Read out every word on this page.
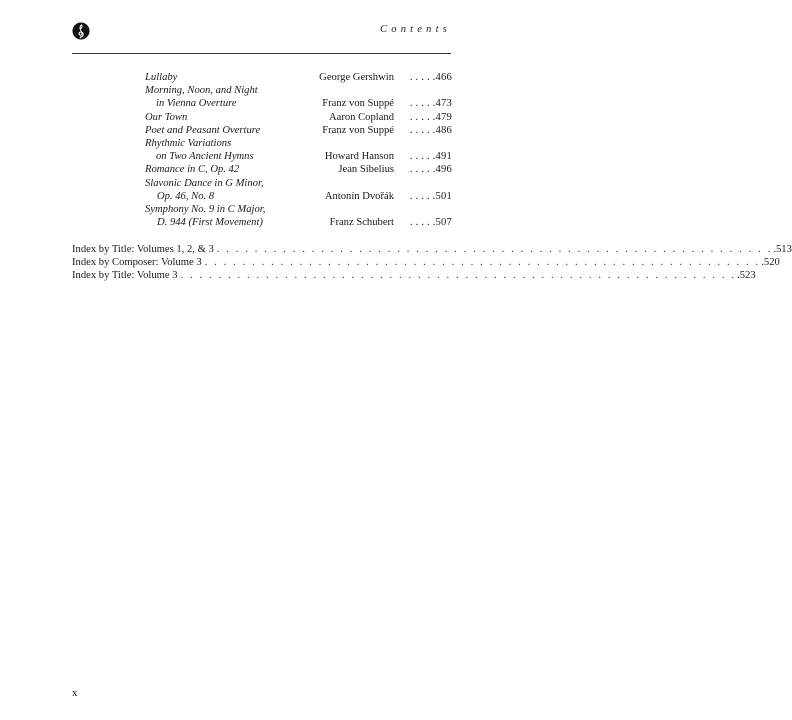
Contents
Lullaby	George Gershwin . . . . .466
Morning, Noon, and Night
in Vienna Overture	Franz von Suppé . . . . .473
Our Town	Aaron Copland . . . . .479
Poet and Peasant Overture	Franz von Suppé . . . . .486
Rhythmic Variations
on Two Ancient Hymns	Howard Hanson . . . . .491
Romance in C, Op. 42	Jean Sibelius . . . . .496
Slavonic Dance in G Minor,
Op. 46, No. 8	Antonín Dvořák . . . . .501
Symphony No. 9 in C Major,
D. 944 (First Movement)	Franz Schubert . . . . .507
Index by Title: Volumes 1, 2, & 3 . . . . . . . . . . . . . . . . . . . . . . . . . . . . . . . . . . . . . . . . . . . . . . . . . . . . . . . . . . . .513
Index by Composer: Volume 3 . . . . . . . . . . . . . . . . . . . . . . . . . . . . . . . . . . . . . . . . . . . . . . . . . . . . . . . . . . . .520
Index by Title: Volume 3 . . . . . . . . . . . . . . . . . . . . . . . . . . . . . . . . . . . . . . . . . . . . . . . . . . . . . . . . . . . .523
x
